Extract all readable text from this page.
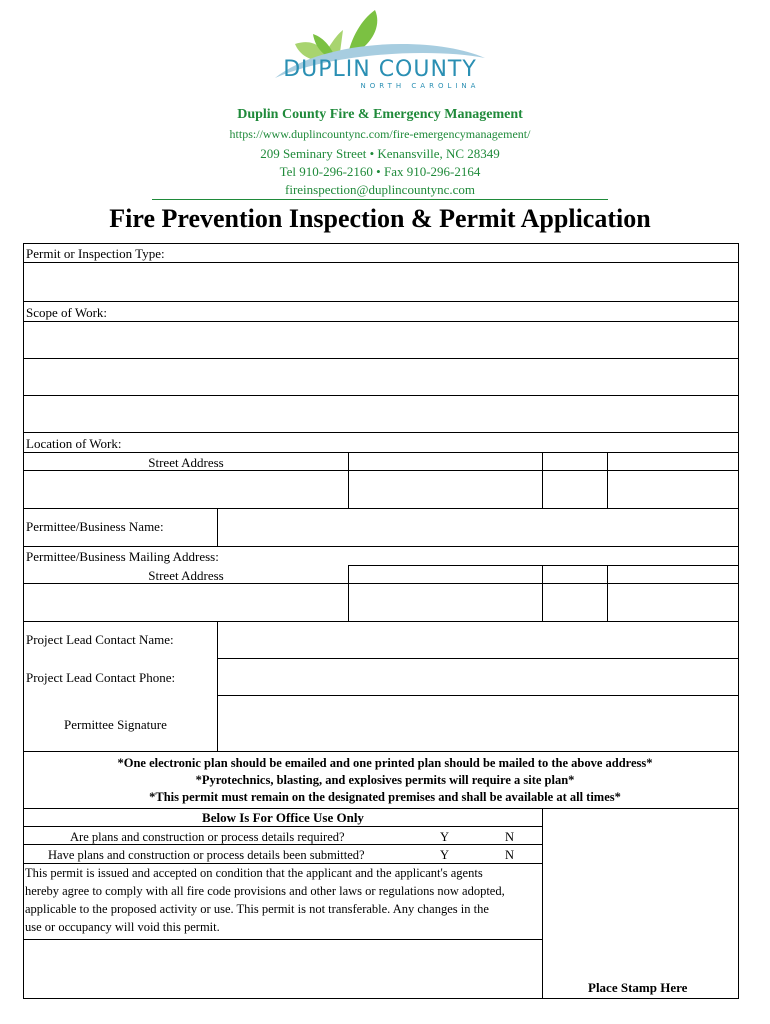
DUPLIN COUNTY
NORTH CAROLINA
Duplin County Fire & Emergency Management
https://www.duplincountync.com/fire-emergencymanagement/
209 Seminary Street • Kenansville, NC 28349
Tel 910-296-2160 • Fax 910-296-2164
fireinspection@duplincountync.com
Fire Prevention Inspection & Permit Application
Permit or Inspection Type:
Scope of Work:
Location of Work:
Street Address
Permittee/Business Name:
Permittee/Business Mailing Address:
Street Address
Project Lead Contact Name:
Project Lead Contact Phone:
Permittee Signature
*One electronic plan should be emailed and one printed plan should be mailed to the above address*
*Pyrotechnics, blasting, and explosives permits will require a site plan*
*This permit must remain on the designated premises and shall be available at all times*
Below Is For Office Use Only
Are plans and construction or process details required?	Y	N
Have plans and construction or process details been submitted?	Y	N
This permit is issued and accepted on condition that the applicant and the applicant's agents
hereby agree to comply with all fire code provisions and other laws or regulations now adopted,
applicable to the proposed activity or use. This permit is not transferable. Any changes in the
use or occupancy will void this permit.
Place Stamp Here
